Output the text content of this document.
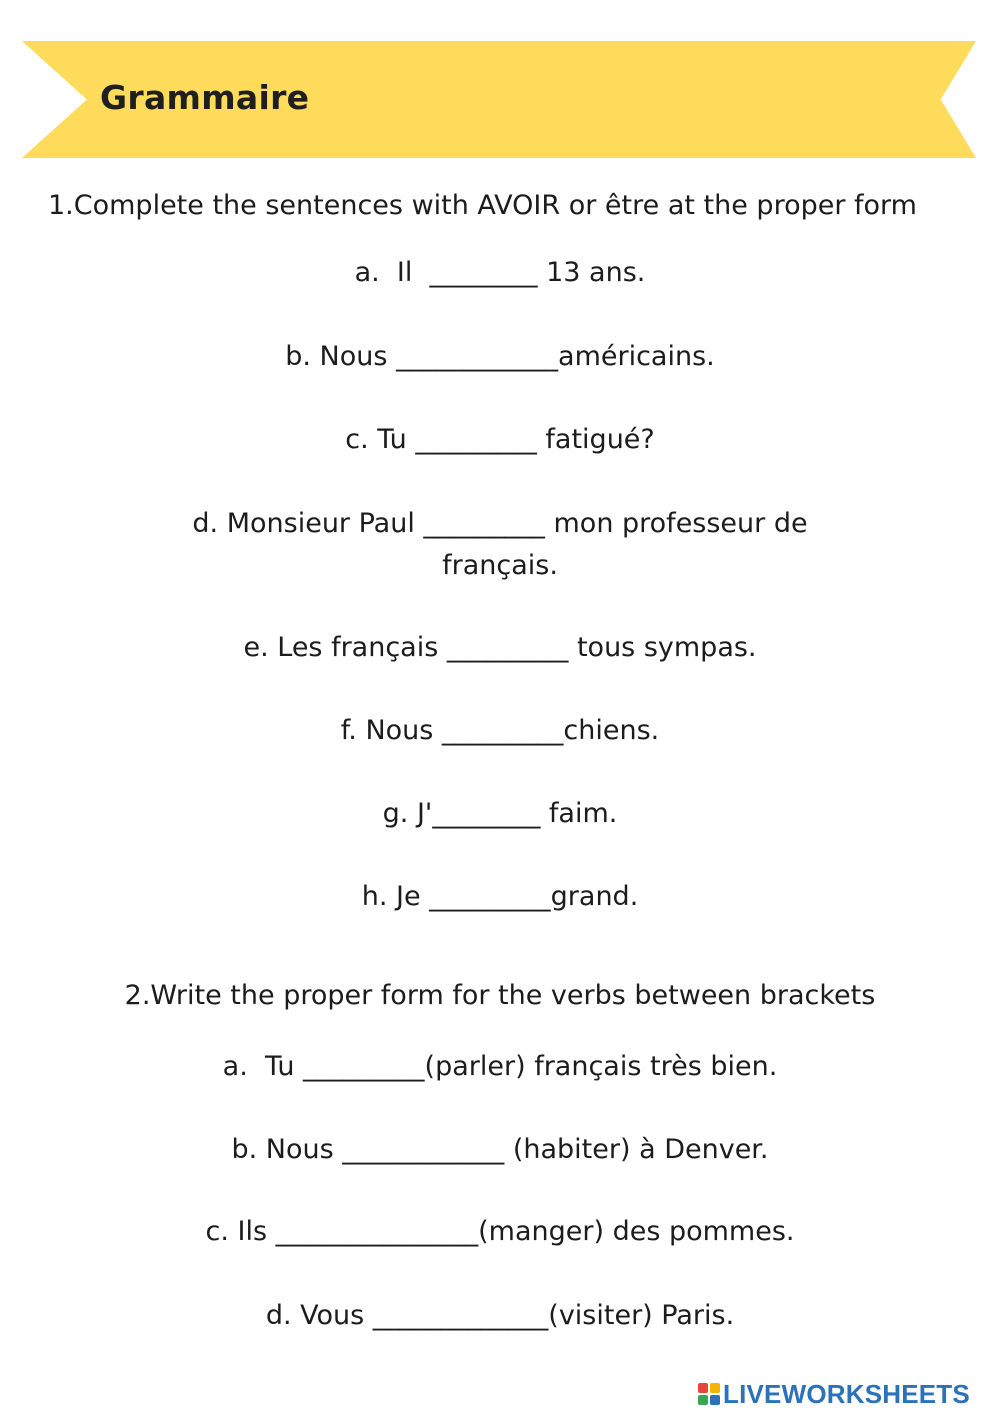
Grammaire
1.Complete the sentences with AVOIR or être at the proper form
a.  Il  ________ 13 ans.
b. Nous ____________américains.
c. Tu _________ fatigué?
d. Monsieur Paul _________ mon professeur de
français.
e. Les français _________ tous sympas.
f. Nous _________chiens.
g. J'________ faim.
h. Je _________grand.
2.Write the proper form for the verbs between brackets
a.  Tu _________(parler) français très bien.
b. Nous ____________ (habiter) à Denver.
c. Ils _______________(manger) des pommes.
d. Vous _____________(visiter) Paris.
LIVEWORKSHEETS
